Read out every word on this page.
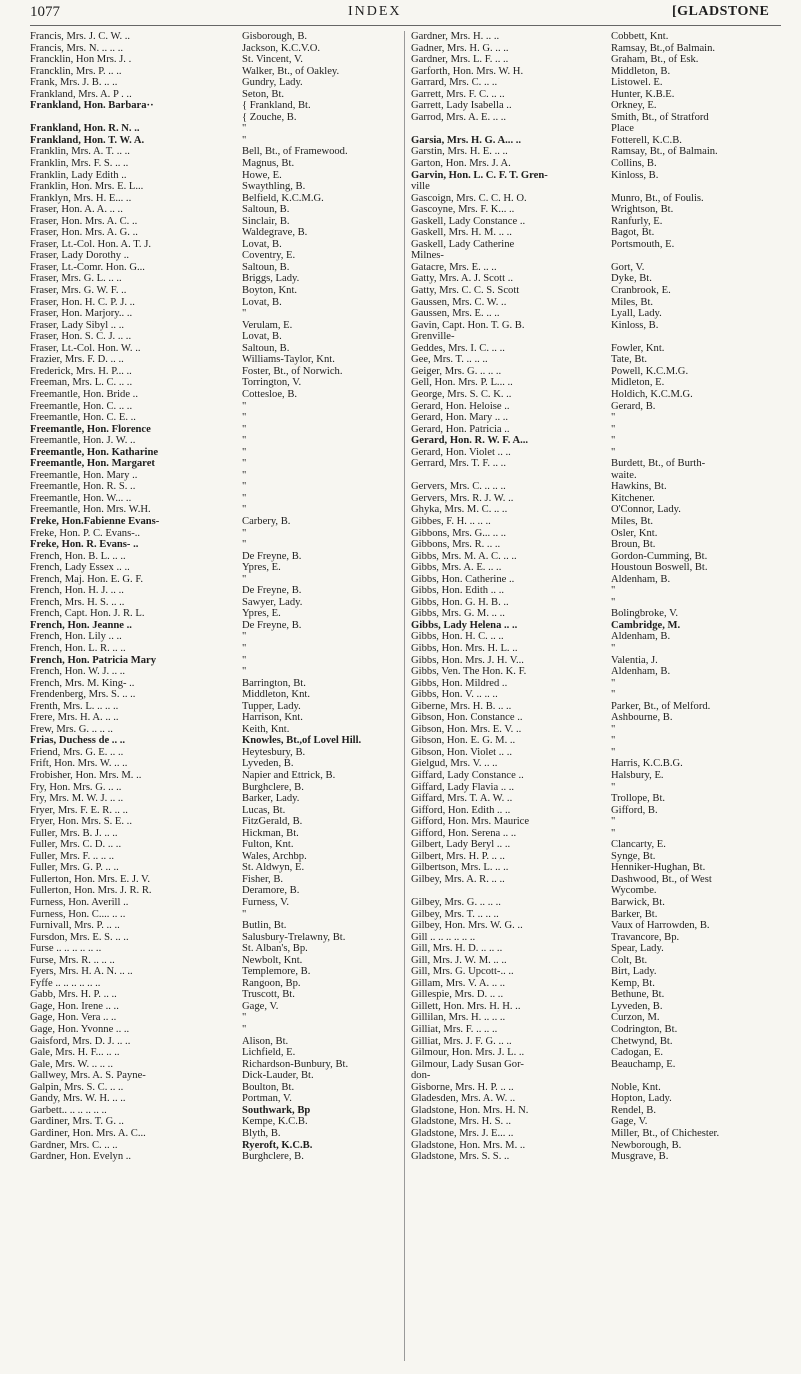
1077	INDEX	[GLADSTONE
Francis, Mrs. J. C. W. ..	Gisborough, B.
Francis, Mrs. N. .. .. ..	Jackson, K.C.V.O.
Francklin, Hon Mrs. J. .	St. Vincent, V.
Francklin, Mrs. P. .. ..	Walker, Bt., of Oakley.
Frank, Mrs. J. B. .. ..	Gundry, Lady.
Frankland, Mrs. A. P . ..	Seton, Bt.
Frankland, Hon. Barbara··	{ Frankland, Bt.
{ Zouche, B.
Frankland, Hon. R. N. ..	"
Frankland, Hon. T. W. A.	"
Franklin, Mrs. A. T. .. ..	Bell, Bt., of Framewood.
Franklin, Mrs. F. S. .. ..	Magnus, Bt.
Franklin, Lady Edith ..	Howe, E.
Franklin, Hon. Mrs. E. L...	Swaythling, B.
Franklyn, Mrs. H. E... ..	Belfield, K.C.M.G.
Fraser, Hon. A. A. .. ..	Saltoun, B.
Fraser, Hon. Mrs. A. C. ..	Sinclair, B.
Fraser, Hon. Mrs. A. G. ..	Waldegrave, B.
Fraser, Lt.-Col. Hon. A. T. J.	Lovat, B.
Fraser, Lady Dorothy ..	Coventry, E.
Fraser, Lt.-Comr. Hon. G...	Saltoun, B.
Fraser, Mrs. G. L. .. ..	Briggs, Lady.
Fraser, Mrs. G. W. F. ..	Boyton, Knt.
Fraser, Hon. H. C. P. J. ..	Lovat, B.
Fraser, Hon. Marjory.. ..	"
Fraser, Lady Sibyl .. ..	Verulam, E.
Fraser, Hon. S. C. J. .. ..	Lovat, B.
Fraser, Lt.-Col. Hon. W. ..	Saltoun, B.
Frazier, Mrs. F. D. .. ..	Williams-Taylor, Knt.
Frederick, Mrs. H. P... ..	Foster, Bt., of Norwich.
Freeman, Mrs. L. C. .. ..	Torrington, V.
Freemantle, Hon. Bride ..	Cottesloe, B.
Freemantle, Hon. C. .. ..	"
Freemantle, Hon. C. E. ..	"
Freemantle, Hon. Florence	"
Freemantle, Hon. J. W. ..	"
Freemantle, Hon. Katharine	"
Freemantle, Hon. Margaret	"
Freemantle, Hon. Mary ..	"
Freemantle, Hon. R. S. ..	"
Freemantle, Hon. W... ..	"
Freemantle, Hon. Mrs. W.H.	"
Freke, Hon.Fabienne Evans-	Carbery, B.
Freke, Hon. P. C. Evans-..	"
Freke, Hon. R. Evans- ..	"
French, Hon. B. L. .. ..	De Freyne, B.
French, Lady Essex .. ..	Ypres, E.
French, Maj. Hon. E. G. F.	"
French, Hon. H. J. .. ..	De Freyne, B.
French, Mrs. H. S. .. ..	Sawyer, Lady.
French, Capt. Hon. J. R. L.	Ypres, E.
French, Hon. Jeanne ..	De Freyne, B.
French, Hon. Lily .. ..	"
French, Hon. L. R. .. ..	"
French, Hon. Patricia Mary	"
French, Hon. W. J. .. ..	"
French, Mrs. M. King- ..	Barrington, Bt.
Frendenberg, Mrs. S. .. ..	Middleton, Knt.
Frenth, Mrs. L. .. .. ..	Tupper, Lady.
Frere, Mrs. H. A. .. ..	Harrison, Knt.
Frew, Mrs. G. .. .. ..	Keith, Knt.
Frias, Duchess de .. ..	Knowles, Bt.,of Lovel Hill.
Friend, Mrs. G. E. .. ..	Heytesbury, B.
Frift, Hon. Mrs. W. .. ..	Lyveden, B.
Frobisher, Hon. Mrs. M. ..	Napier and Ettrick, B.
Fry, Hon. Mrs. G. .. ..	Burghclere, B.
Fry, Mrs. M. W. J. .. ..	Barker, Lady.
Fryer, Mrs. F. E. R. .. ..	Lucas, Bt.
Fryer, Hon. Mrs. S. E. ..	FitzGerald, B.
Fuller, Mrs. B. J. .. ..	Hickman, Bt.
Fuller, Mrs. C. D. .. ..	Fulton, Knt.
Fuller, Mrs. F. .. .. ..	Wales, Archbp.
Fuller, Mrs. G. P. .. ..	St. Aldwyn, E.
Fullerton, Hon. Mrs. E. J. V.	Fisher, B.
Fullerton, Hon. Mrs. J. R. R.	Deramore, B.
Furness, Hon. Averill ..	Furness, V.
Furness, Hon. C.... .. ..	"
Furnivall, Mrs. P. .. ..	Butlin, Bt.
Fursdon, Mrs. E. S. .. ..	Salusbury-Trelawny, Bt.
Furse .. .. .. .. .. ..	St. Alban's, Bp.
Furse, Mrs. R. .. .. ..	Newbolt, Knt.
Fyers, Mrs. H. A. N. .. ..	Templemore, B.
Fyffe .. .. .. .. .. ..	Rangoon, Bp.
Gabb, Mrs. H. P. .. ..	Truscott, Bt.
Gage, Hon. Irene .. ..	Gage, V.
Gage, Hon. Vera .. ..	"
Gage, Hon. Yvonne .. ..	"
Gaisford, Mrs. D. J. .. ..	Alison, Bt.
Gale, Mrs. H. F... .. ..	Lichfield, E.
Gale, Mrs. W. .. .. ..	Richardson-Bunbury, Bt.
Gallwey, Mrs. A. S. Payne-	Dick-Lauder, Bt.
Galpin, Mrs. S. C. .. ..	Boulton, Bt.
Gandy, Mrs. W. H. .. ..	Portman, V.
Garbett.. .. .. .. .. ..	Southwark, Bp
Gardiner, Mrs. T. G. ..	Kempe, K.C.B.
Gardiner, Hon. Mrs. A. C...	Blyth, B.
Gardner, Mrs. C. .. ..	Ryeroft, K.C.B.
Gardner, Hon. Evelyn ..	Burghclere, B.
Gardner, Mrs. H. .. ..	Cobbett, Knt.
Gadner, Mrs. H. G. .. ..	Ramsay, Bt.,of Balmain.
Gardner, Mrs. L. F. .. ..	Graham, Bt., of Esk.
Garforth, Hon. Mrs. W. H.	Middleton, B.
Garrard, Mrs. C. .. ..	Listowel. E.
Garrett, Mrs. F. C. .. ..	Hunter, K.B.E.
Garrett, Lady Isabella ..	Orkney, E.
Garrod, Mrs. A. E. .. ..	Smith, Bt., of Stratford
Place
Garsia, Mrs. H. G. A... ..	Fotterell, K.C.B.
Garstin, Mrs. H. E. .. ..	Ramsay, Bt., of Balmain.
Garton, Hon. Mrs. J. A.	Collins, B.
Garvin, Hon. L. C. F. T. Gren-	Kinloss, B.
ville
Gascoign, Mrs. C. C. H. O.	Munro, Bt., of Foulis.
Gascoyne, Mrs. F. K... ..	Wrightson, Bt.
Gaskell, Lady Constance ..	Ranfurly, E.
Gaskell, Mrs. H. M. .. ..	Bagot, Bt.
Gaskell, Lady Catherine	Portsmouth, E.
Milnes-
Gatacre, Mrs. E. .. ..	Gort, V.
Gatty, Mrs. A. J. Scott ..	Dyke, Bt.
Gatty, Mrs. C. C. S. Scott	Cranbrook, E.
Gaussen, Mrs. C. W. ..	Miles, Bt.
Gaussen, Mrs. E. .. ..	Lyall, Lady.
Gavin, Capt. Hon. T. G. B.	Kinloss, B.
Grenville-
Geddes, Mrs. I. C. .. ..	Fowler, Knt.
Gee, Mrs. T. .. .. ..	Tate, Bt.
Geiger, Mrs. G. .. .. ..	Powell, K.C.M.G.
Gell, Hon. Mrs. P. L... ..	Midleton, E.
George, Mrs. S. C. K. ..	Holdich, K.C.M.G.
Gerard, Hon. Heloise ..	Gerard, B.
Gerard, Hon. Mary .. ..	"
Gerard, Hon. Patricia ..	"
Gerard, Hon. R. W. F. A...	"
Gerard, Hon. Violet .. ..	"
Gerrard, Mrs. T. F. .. ..	Burdett, Bt., of Burth-
waite.
Gervers, Mrs. C. .. .. ..	Hawkins, Bt.
Gervers, Mrs. R. J. W. ..	Kitchener.
Ghyka, Mrs. M. C. .. ..	O'Connor, Lady.
Gibbes, F. H. .. .. ..	Miles, Bt.
Gibbons, Mrs. G... .. ..	Osler, Knt.
Gibbons, Mrs. R. .. ..	Broun, Bt.
Gibbs, Mrs. M. A. C. .. ..	Gordon-Cumming, Bt.
Gibbs, Mrs. A. E. .. ..	Houstoun Boswell, Bt.
Gibbs, Hon. Catherine ..	Aldenham, B.
Gibbs, Hon. Edith .. ..	"
Gibbs, Hon. G. H. B. ..	"
Gibbs, Mrs. G. M. .. ..	Bolingbroke, V.
Gibbs, Lady Helena .. ..	Cambridge, M.
Gibbs, Hon. H. C. .. ..	Aldenham, B.
Gibbs, Hon. Mrs. H. L. ..	"
Gibbs, Hon. Mrs. J. H. V...	Valentia, J.
Gibbs, Ven. The Hon. K. F.	Aldenham, B.
Gibbs, Hon. Mildred ..	"
Gibbs, Hon. V. .. .. ..	"
Giberne, Mrs. H. B. .. ..	Parker, Bt., of Melford.
Gibson, Hon. Constance ..	Ashbourne, B.
Gibson, Hon. Mrs. E. V. ..	"
Gibson, Hon. E. G. M. ..	"
Gibson, Hon. Violet .. ..	"
Gielgud, Mrs. V. .. ..	Harris, K.C.B.G.
Giffard, Lady Constance ..	Halsbury, E.
Giffard, Lady Flavia .. ..	"
Giffard, Mrs. T. A. W. ..	Trollope, Bt.
Gifford, Hon. Edith .. ..	Gifford, B.
Gifford, Hon. Mrs. Maurice	"
Gifford, Hon. Serena .. ..	"
Gilbert, Lady Beryl .. ..	Clancarty, E.
Gilbert, Mrs. H. P. .. ..	Synge, Bt.
Gilbertson, Mrs. L. .. ..	Henniker-Hughan, Bt.
Gilbey, Mrs. A. R. .. ..	Dashwood, Bt., of West
Wycombe.
Gilbey, Mrs. G. .. .. ..	Barwick, Bt.
Gilbey, Mrs. T. .. .. ..	Barker, Bt.
Gilbey, Hon. Mrs. W. G. ..	Vaux of Harrowden, B.
Gill .. .. .. .. .. ..	Travancore, Bp.
Gill, Mrs. H. D. .. .. ..	Spear, Lady.
Gill, Mrs. J. W. M. .. ..	Colt, Bt.
Gill, Mrs. G. Upcott-.. ..	Birt, Lady.
Gillam, Mrs. V. A. .. ..	Kemp, Bt.
Gillespie, Mrs. D. .. ..	Bethune, Bt.
Gillett, Hon. Mrs. H. H. ..	Lyveden, B.
Gillilan, Mrs. H. .. .. ..	Curzon, M.
Gilliat, Mrs. F. .. .. ..	Codrington, Bt.
Gilliat, Mrs. J. F. G. .. ..	Chetwynd, Bt.
Gilmour, Hon. Mrs. J. L. ..	Cadogan, E.
Gilmour, Lady Susan Gor-	Beauchamp, E.
don-
Gisborne, Mrs. H. P. .. ..	Noble, Knt.
Gladesden, Mrs. A. W. ..	Hopton, Lady.
Gladstone, Hon. Mrs. H. N.	Rendel, B.
Gladstone, Mrs. H. S. ..	Gage, V.
Gladstone, Mrs. J. E... ..	Miller, Bt., of Chichester.
Gladstone, Hon. Mrs. M. ..	Newborough, B.
Gladstone, Mrs. S. S. ..	Musgrave, B.
